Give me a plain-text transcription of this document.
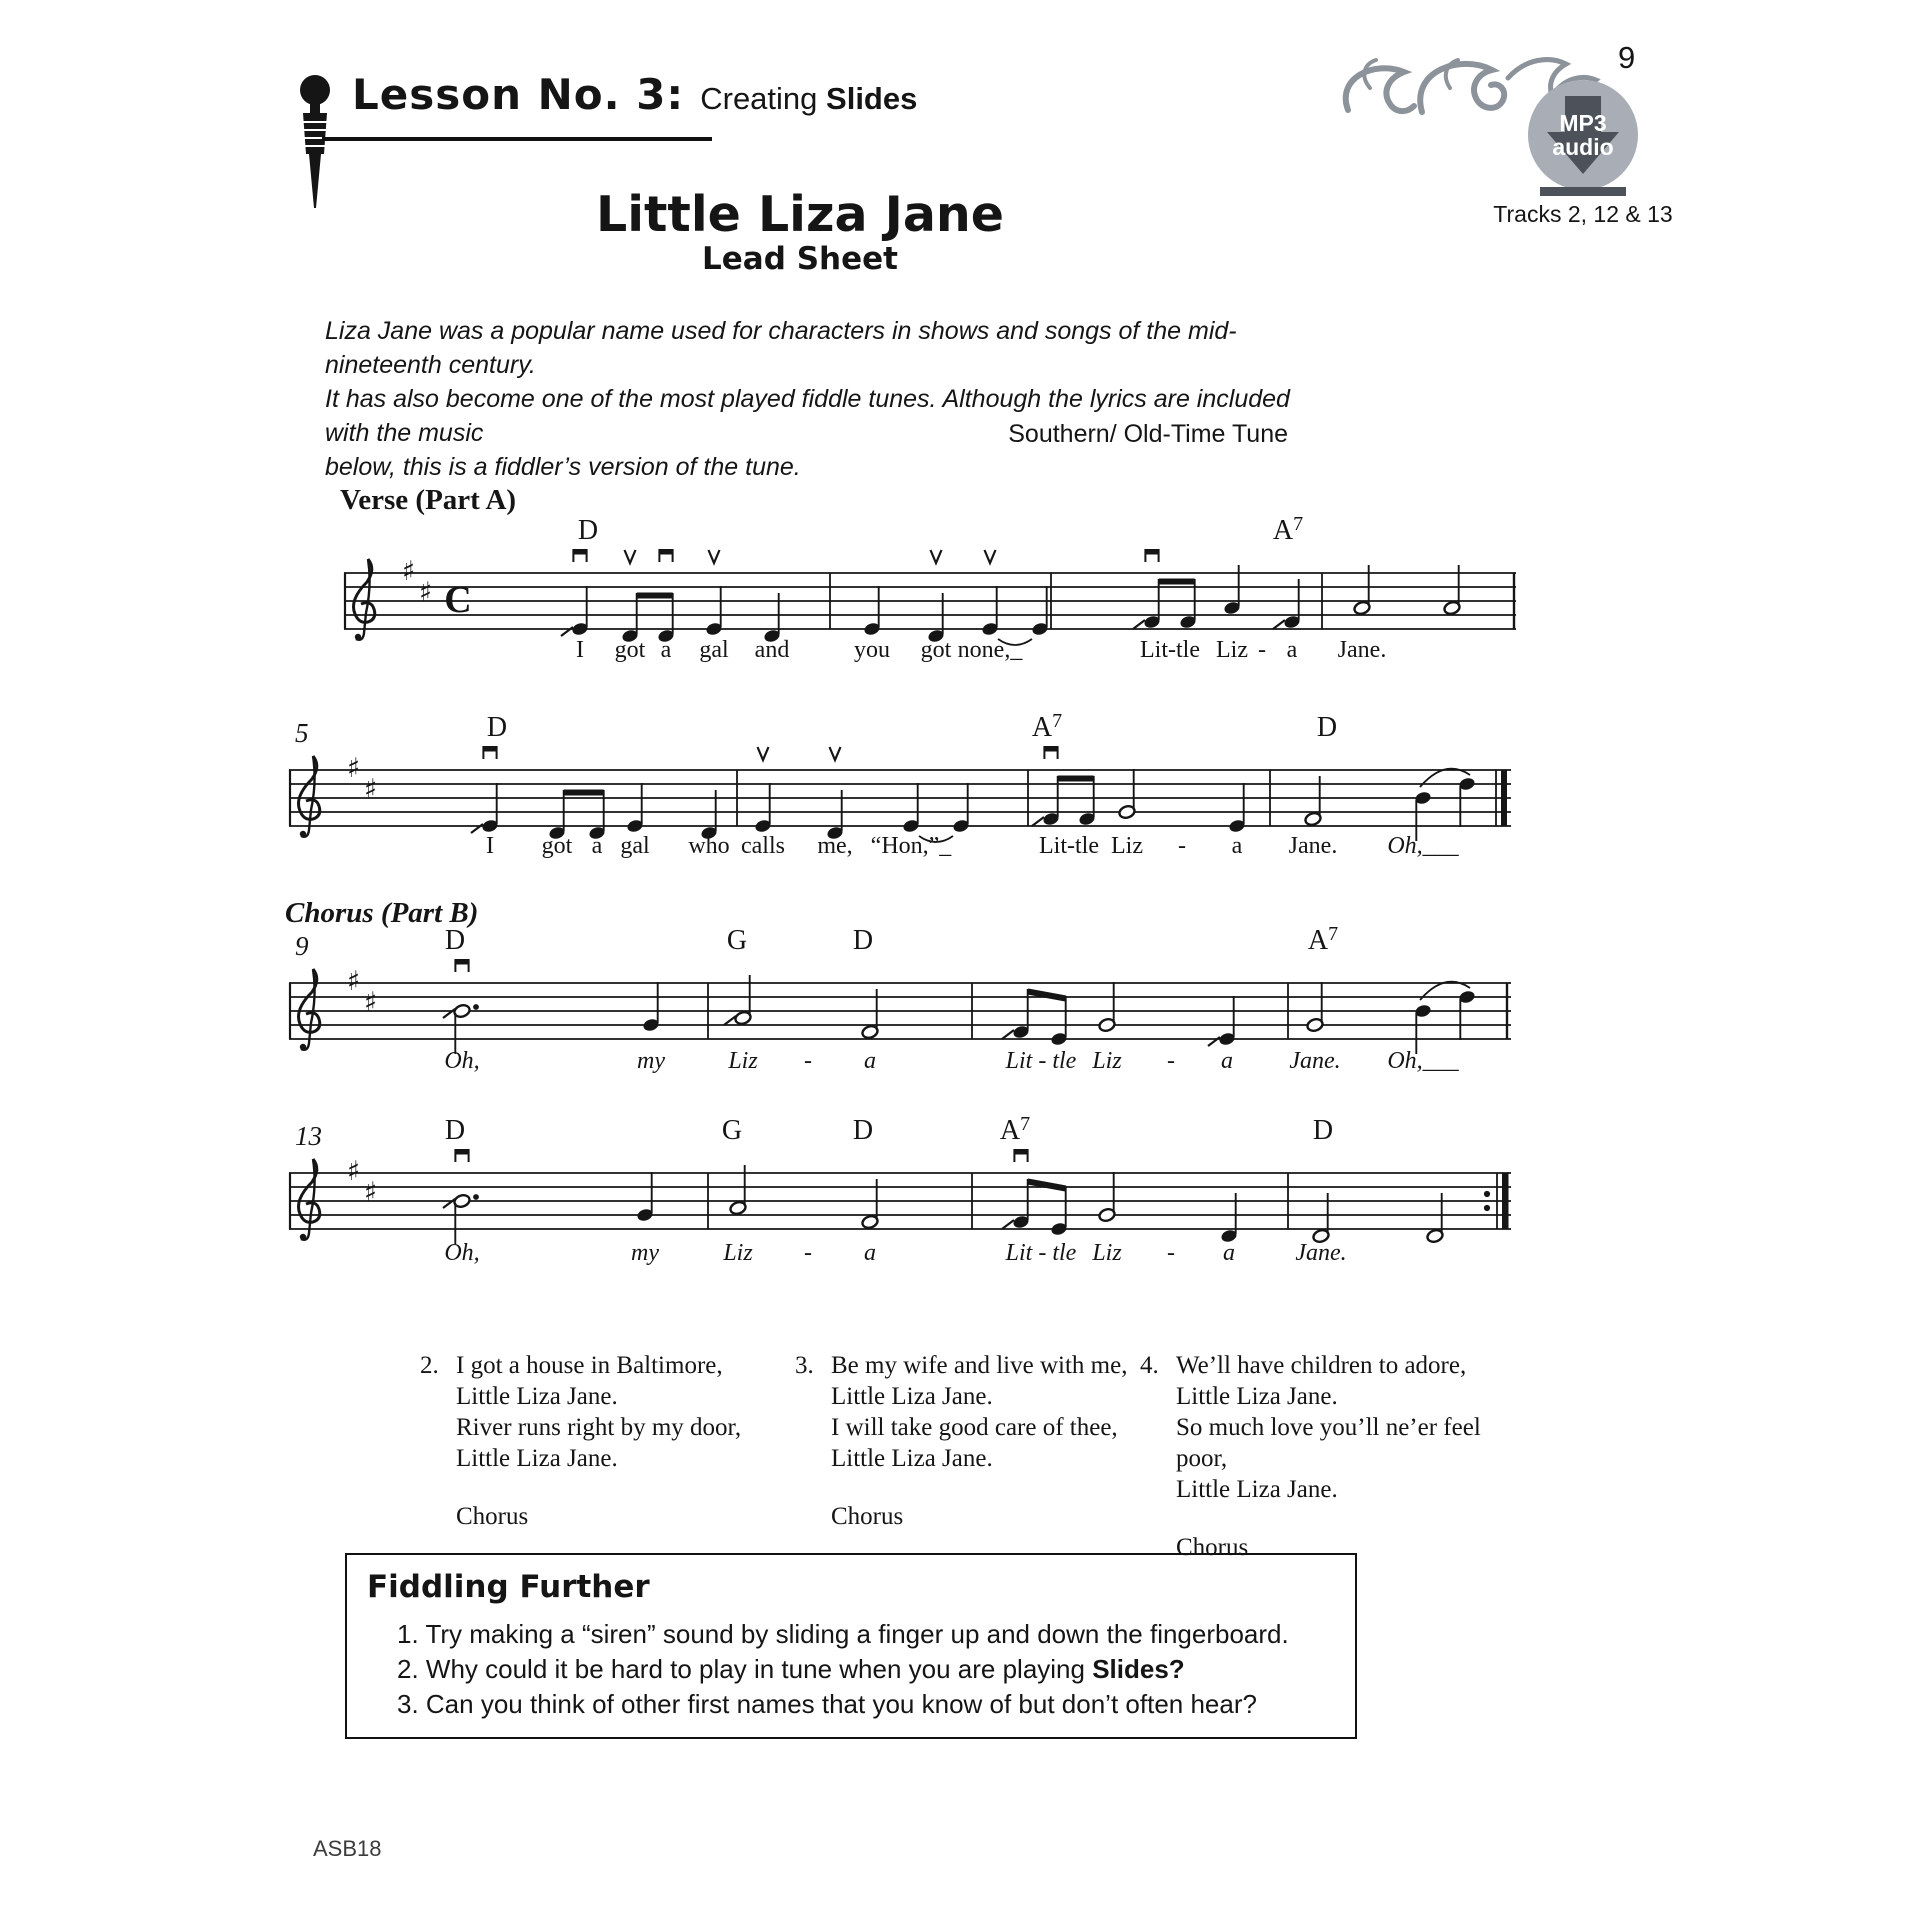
Lesson No. 3: Creating Slides
9
MP3
audio
Tracks 2, 12 & 13
Little Liza Jane
Lead Sheet
Liza Jane was a popular name used for characters in shows and songs of the mid-nineteenth century.
It has also become one of the most played fiddle tunes. Although the lyrics are included with the music
below, this is a fiddler’s version of the tune.
Southern/ Old-Time Tune
Verse (Part A)
Chorus (Part B)
♯
♯ C
D	$A^7$
I got a gal and	you got none,_	Lit-tle Liz a Jane.
-
♯
♯
5	D	$A^7$	D
I got a gal who calls me, “Hon,”_	Lit-tle Liz	a Jane. Oh,___
-
♯
♯
9	D	G	D	$A^7$
Oh,	my	Liz	a	Lit - tle Liz	a Jane. Oh,___
-	-
♯
♯
13	D	G	D	$A^7$	D
Oh,	my	Liz	a	Lit - tle Liz	a	Jane.
-	-
2. I got a house in Baltimore,
Little Liza Jane.
River runs right by my door,
Little Liza Jane.
Chorus
3. Be my wife and live with me,
Little Liza Jane.
I will take good care of thee,
Little Liza Jane.
Chorus
4. We’ll have children to adore,
Little Liza Jane.
So much love you’ll ne’er feel poor,
Little Liza Jane.
Chorus
Fiddling Further
1. Try making a “siren” sound by sliding a finger up and down the fingerboard.
2. Why could it be hard to play in tune when you are playing Slides?
3. Can you think of other first names that you know of but don’t often hear?
ASB18
